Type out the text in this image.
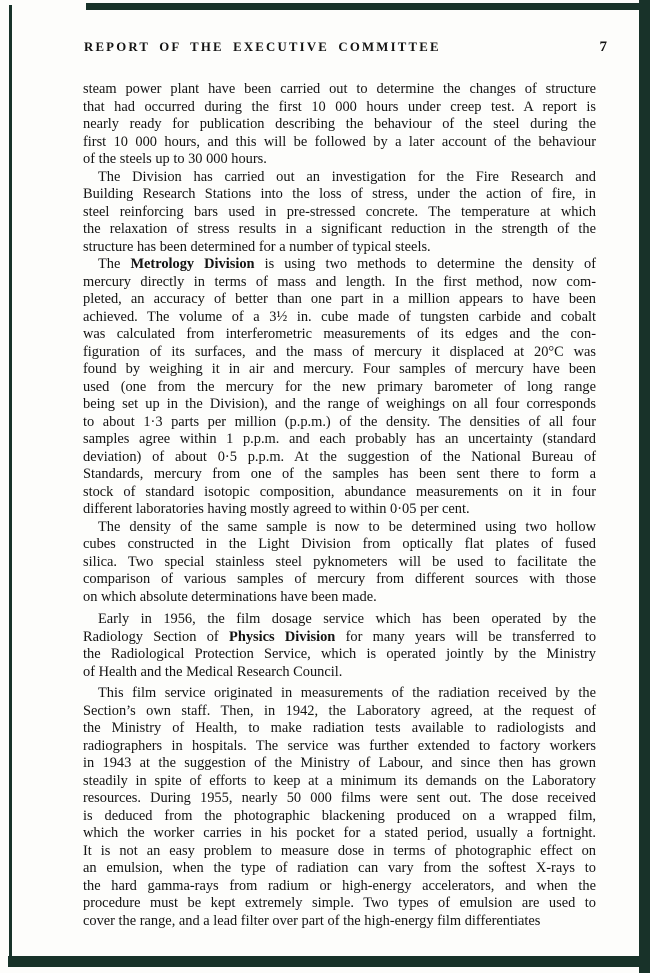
REPORT OF THE EXECUTIVE COMMITTEE	7
steam power plant have been carried out to determine the changes of structure
that had occurred during the first 10 000 hours under creep test. A report is
nearly ready for publication describing the behaviour of the steel during the
first 10 000 hours, and this will be followed by a later account of the behaviour
of the steels up to 30 000 hours.
The Division has carried out an investigation for the Fire Research and
Building Research Stations into the loss of stress, under the action of fire, in
steel reinforcing bars used in pre-stressed concrete. The temperature at which
the relaxation of stress results in a significant reduction in the strength of the
structure has been determined for a number of typical steels.
The Metrology Division is using two methods to determine the density of
mercury directly in terms of mass and length. In the first method, now com-
pleted, an accuracy of better than one part in a million appears to have been
achieved. The volume of a 3½ in. cube made of tungsten carbide and cobalt
was calculated from interferometric measurements of its edges and the con-
figuration of its surfaces, and the mass of mercury it displaced at 20°C was
found by weighing it in air and mercury. Four samples of mercury have been
used (one from the mercury for the new primary barometer of long range
being set up in the Division), and the range of weighings on all four corresponds
to about 1·3 parts per million (p.p.m.) of the density. The densities of all four
samples agree within 1 p.p.m. and each probably has an uncertainty (standard
deviation) of about 0·5 p.p.m. At the suggestion of the National Bureau of
Standards, mercury from one of the samples has been sent there to form a
stock of standard isotopic composition, abundance measurements on it in four
different laboratories having mostly agreed to within 0·05 per cent.
The density of the same sample is now to be determined using two hollow
cubes constructed in the Light Division from optically flat plates of fused
silica. Two special stainless steel pyknometers will be used to facilitate the
comparison of various samples of mercury from different sources with those
on which absolute determinations have been made.
Early in 1956, the film dosage service which has been operated by the
Radiology Section of Physics Division for many years will be transferred to
the Radiological Protection Service, which is operated jointly by the Ministry
of Health and the Medical Research Council.
This film service originated in measurements of the radiation received by the
Section’s own staff. Then, in 1942, the Laboratory agreed, at the request of
the Ministry of Health, to make radiation tests available to radiologists and
radiographers in hospitals. The service was further extended to factory workers
in 1943 at the suggestion of the Ministry of Labour, and since then has grown
steadily in spite of efforts to keep at a minimum its demands on the Laboratory
resources. During 1955, nearly 50 000 films were sent out. The dose received
is deduced from the photographic blackening produced on a wrapped film,
which the worker carries in his pocket for a stated period, usually a fortnight.
It is not an easy problem to measure dose in terms of photographic effect on
an emulsion, when the type of radiation can vary from the softest X-rays to
the hard gamma-rays from radium or high-energy accelerators, and when the
procedure must be kept extremely simple. Two types of emulsion are used to
cover the range, and a lead filter over part of the high-energy film differentiates
